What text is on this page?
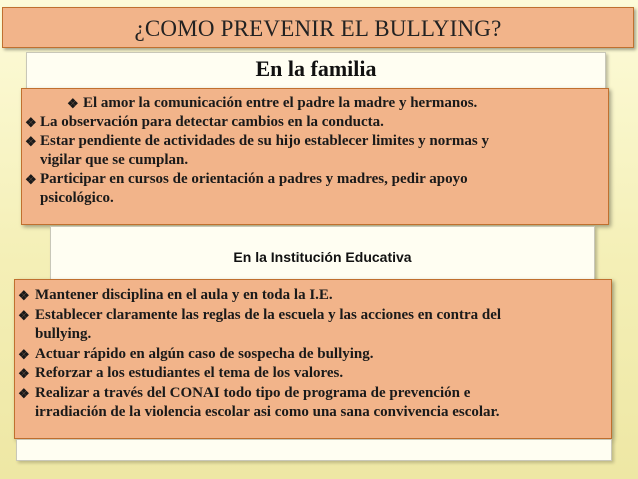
¿COMO PREVENIR EL BULLYING?
En la familia
❖ El amor la comunicación entre el padre la madre y hermanos.
❖ La observación para detectar cambios en la conducta.
❖ Estar pendiente de actividades de su hijo establecer limites y normas y
vigilar que se cumplan.
❖ Participar en cursos de orientación a padres y madres, pedir apoyo
psicológico.
En la Institución Educativa
❖ Mantener disciplina en el aula y en toda la I.E.
❖ Establecer claramente las reglas de la escuela y las acciones en contra del
bullying.
❖ Actuar rápido en algún caso de sospecha de bullying.
❖ Reforzar a los estudiantes el tema de los valores.
❖ Realizar a través del CONAI todo tipo de programa de prevención e
irradiación de la violencia escolar asi como una sana convivencia escolar.
